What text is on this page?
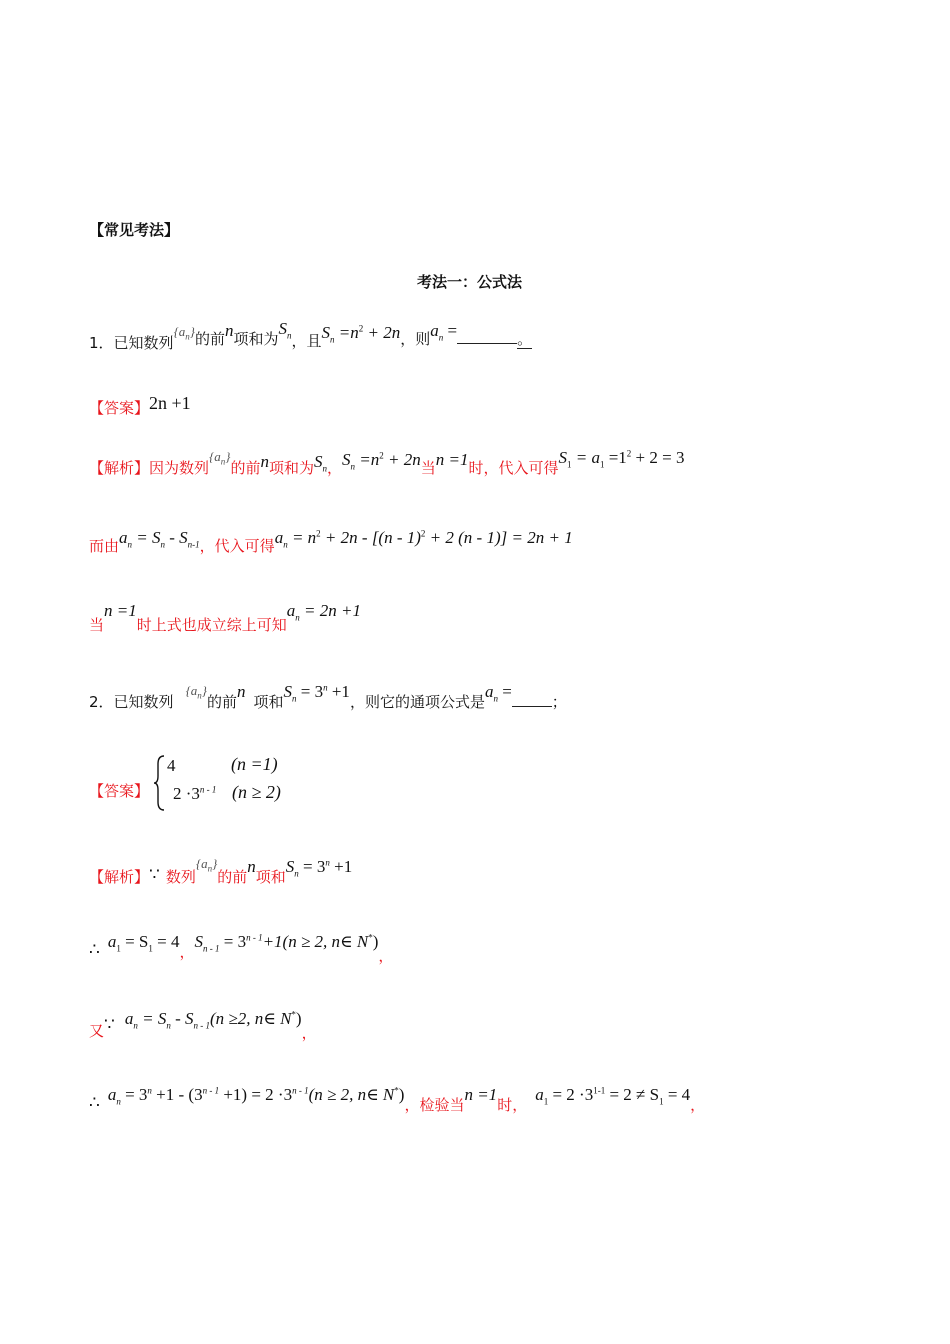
【常见考法】
考法一：公式法
1．已知数列$\{a_n\}$的前n项和为$S_n$，且$S_n =n^2 + 2n$，则$a_n$ =	。
【答案】2n +1
【解析】因为数列$\{a_n\}$的前n项和为$S_n$，$S_n =n^2 + 2n$当n =1时，代入可得$S_1 = a_1 =1^2 + 2 = 3$
而由$a_n = S_n - S_{n-1}$，代入可得$a_n = n^2 + 2n - [(n - 1)^2 + 2$ (n - 1)] = 2n + 1
当n =1时上式也成立综上可知$a_n = 2n +1$
2．已知数列$\{a_n\}$的前n项和$S_n = 3^n +1$，则它的通项公式是$a_n$ =；
【答案】
4	(n =1)
$2 \cdot 3^{n - 1}$ (n ≥ 2)
【解析】∵ 数列$\{a_n\}$的前n项和$S_n = 3^n +1$
∴ $a_1 = S_1 = 4$，$S_{n - 1} = 3^{n - 1}+1(n \ge 2$, n∈ N*)，
又∵ $a_n = S_n - S_{n - 1}(n \ge 2$, n∈ N*)，
∴ $a_n = 3^n +1 - (3^{n - 1} +1) = 2 \cdot 3^{n - 1}(n \ge 2$, n∈ N*)，检验当n =1时，$a_1 = 2 \cdot 3^{1-1} = 2 \ne S_1 = 4$，
